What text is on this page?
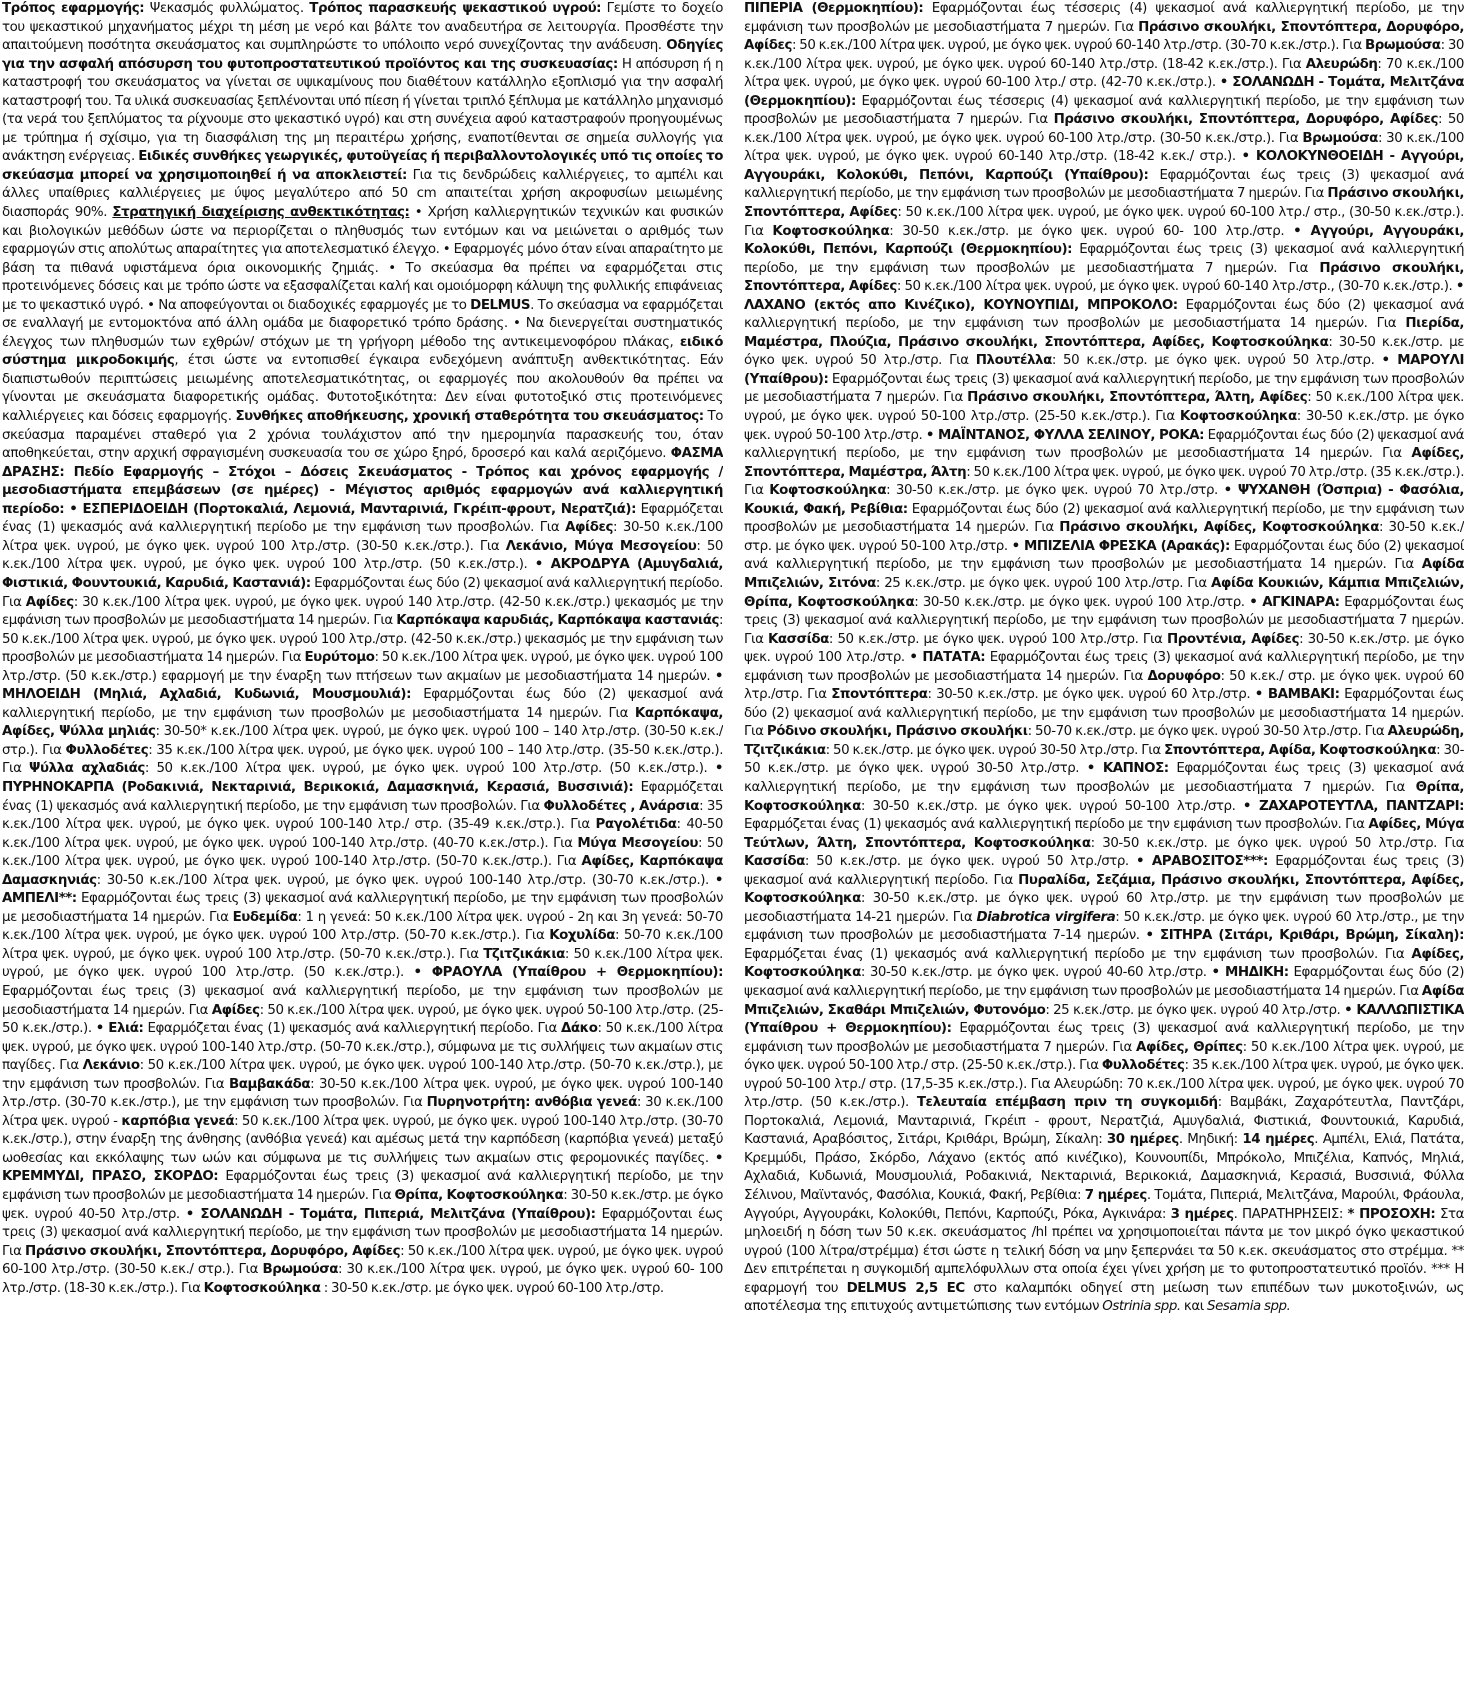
Τρόπος εφαρμογής: Ψεκασμός φυλλώματος. Τρόπος παρασκευής ψεκαστικού υγρού: Γεμίστε το δοχείο του ψεκαστικού μηχανήματος μέχρι τη μέση με νερό και βάλτε τον αναδευτήρα σε λειτουργία. Προσθέστε την απαιτούμενη ποσότητα σκευάσματος και συμπληρώστε το υπόλοιπο νερό συνεχίζοντας την ανάδευση. Οδηγίες για την ασφαλή απόσυρση του φυτοπροστατευτικού προϊόντος και της συσκευασίας: Η απόσυρση ή η καταστροφή του σκευάσματος να γίνεται σε υψικαμίνους που διαθέτουν κατάλληλο εξοπλισμό για την ασφαλή καταστροφή του. Τα υλικά συσκευασίας ξεπλένονται υπό πίεση ή γίνεται τριπλό ξέπλυμα με κατάλληλο μηχανισμό (τα νερά του ξεπλύματος τα ρίχνουμε στο ψεκαστικό υγρό) και στη συνέχεια αφού καταστραφούν προηγουμένως με τρύπημα ή σχίσιμο, για τη διασφάλιση της μη περαιτέρω χρήσης, εναποτίθενται σε σημεία συλλογής για ανάκτηση ενέργειας. Ειδικές συνθήκες γεωργικές, φυτοϋγείας ή περιβαλλοντολογικές υπό τις οποίες το σκεύασμα μπορεί να χρησιμοποιηθεί ή να αποκλειστεί: Για τις δενδρώδεις καλλιέργειες, το αμπέλι και άλλες υπαίθριες καλλιέργειες με ύψος μεγαλύτερο από 50 cm απαιτείται χρήση ακροφυσίων μειωμένης διασποράς 90%. Στρατηγική διαχείρισης ανθεκτικότητας: • Χρήση καλλιεργητικών τεχνικών και φυσικών και βιολογικών μεθόδων ώστε να περιορίζεται ο πληθυσμός των εντόμων και να μειώνεται ο αριθμός των εφαρμογών στις απολύτως απαραίτητες για αποτελεσματικό έλεγχο. • Εφαρμογές μόνο όταν είναι απαραίτητο με βάση τα πιθανά υφιστάμενα όρια οικονομικής ζημιάς. • Το σκεύασμα θα πρέπει να εφαρμόζεται στις προτεινόμενες δόσεις και με τρόπο ώστε να εξασφαλίζεται καλή και ομοιόμορφη κάλυψη της φυλλικής επιφάνειας με το ψεκαστικό υγρό. • Να αποφεύγονται οι διαδοχικές εφαρμογές με το DELMUS. Το σκεύασμα να εφαρμόζεται σε εναλλαγή με εντομοκτόνα από άλλη ομάδα με διαφορετικό τρόπο δράσης. • Να διενεργείται συστηματικός έλεγχος των πληθυσμών των εχθρών/ στόχων με τη γρήγορη μέθοδο της αντικειμενοφόρου πλάκας, ειδικό σύστημα μικροδοκιμής, έτσι ώστε να εντοπισθεί έγκαιρα ενδεχόμενη ανάπτυξη ανθεκτικότητας. Εάν διαπιστωθούν περιπτώσεις μειωμένης αποτελεσματικότητας, οι εφαρμογές που ακολουθούν θα πρέπει να γίνονται με σκευάσματα διαφορετικής ομάδας. Φυτοτοξικότητα: Δεν είναι φυτοτοξικό στις προτεινόμενες καλλιέργειες και δόσεις εφαρμογής. Συνθήκες αποθήκευσης, χρονική σταθερότητα του σκευάσματος: Το σκεύασμα παραμένει σταθερό για 2 χρόνια τουλάχιστον από την ημερομηνία παρασκευής του, όταν αποθηκεύεται, στην αρχική σφραγισμένη συσκευασία του σε χώρο ξηρό, δροσερό και καλά αεριζόμενο. ΦΑΣΜΑ ΔΡΑΣΗΣ: Πεδίο Εφαρμογής – Στόχοι – Δόσεις Σκευάσματος - Τρόπος και χρόνος εφαρμογής / μεσοδιαστήματα επεμβάσεων (σε ημέρες) - Μέγιστος αριθμός εφαρμογών ανά καλλιεργητική περίοδο: • ΕΣΠΕΡΙΔΟΕΙΔΗ (Πορτοκαλιά, Λεμονιά, Μανταρινιά, Γκρέιπ-φρουτ, Νερατζιά): Εφαρμόζεται ένας (1) ψεκασμός ανά καλλιεργητική περίοδο με την εμφάνιση των προσβολών. Για Αφίδες: 30-50 κ.εκ./100 λίτρα ψεκ. υγρού, με όγκο ψεκ. υγρού 100 λτρ./στρ. (30-50 κ.εκ./στρ.). Για Λεκάνιο, Μύγα Μεσογείου: 50 κ.εκ./100 λίτρα ψεκ. υγρού, με όγκο ψεκ. υγρού 100 λτρ./στρ. (50 κ.εκ./στρ.). • ΑΚΡΟΔΡΥΑ (Αμυγδαλιά, Φιστικιά, Φουντουκιά, Καρυδιά, Καστανιά): Εφαρμόζονται έως δύο (2) ψεκασμοί ανά καλλιεργητική περίοδο. Για Αφίδες: 30 κ.εκ./100 λίτρα ψεκ. υγρού, με όγκο ψεκ. υγρού 140 λτρ./στρ. (42-50 κ.εκ./στρ.) ψεκασμός με την εμφάνιση των προσβολών με μεσοδιαστήματα 14 ημερών. Για Καρπόκαψα καρυδιάς, Καρπόκαψα καστανιάς: 50 κ.εκ./100 λίτρα ψεκ. υγρού, με όγκο ψεκ. υγρού 100 λτρ./στρ. (42-50 κ.εκ./στρ.) ψεκασμός με την εμφάνιση των προσβολών με μεσοδιαστήματα 14 ημερών. Για Ευρύτομο: 50 κ.εκ./100 λίτρα ψεκ. υγρού, με όγκο ψεκ. υγρού 100 λτρ./στρ. (50 κ.εκ./στρ.) εφαρμογή με την έναρξη των πτήσεων των ακμαίων με μεσοδιαστήματα 14 ημερών. • ΜΗΛΟΕΙΔΗ (Μηλιά, Αχλαδιά, Κυδωνιά, Μουσμουλιά): Εφαρμόζονται έως δύο (2) ψεκασμοί ανά καλλιεργητική περίοδο, με την εμφάνιση των προσβολών με μεσοδιαστήματα 14 ημερών. Για Καρπόκαψα, Αφίδες, Ψύλλα μηλιάς: 30-50* κ.εκ./100 λίτρα ψεκ. υγρού, με όγκο ψεκ. υγρού 100 – 140 λτρ./στρ. (30-50 κ.εκ./στρ.). Για Φυλλοδέτες: 35 κ.εκ./100 λίτρα ψεκ. υγρού, με όγκο ψεκ. υγρού 100 – 140 λτρ./στρ. (35-50 κ.εκ./στρ.). Για Ψύλλα αχλαδιάς: 50 κ.εκ./100 λίτρα ψεκ. υγρού, με όγκο ψεκ. υγρού 100 λτρ./στρ. (50 κ.εκ./στρ.). • ΠΥΡΗΝΟΚΑΡΠΑ (Ροδακινιά, Νεκταρινιά, Βερικοκιά, Δαμασκηνιά, Κερασιά, Βυσσινιά): Εφαρμόζεται ένας (1) ψεκασμός ανά καλλιεργητική περίοδο, με την εμφάνιση των προσβολών. Για Φυλλοδέτες , Ανάρσια: 35 κ.εκ./100 λίτρα ψεκ. υγρού, με όγκο ψεκ. υγρού 100-140 λτρ./ στρ. (35-49 κ.εκ./στρ.). Για Ραγολέτιδα: 40-50 κ.εκ./100 λίτρα ψεκ. υγρού, με όγκο ψεκ. υγρού 100-140 λτρ./στρ. (40-70 κ.εκ./στρ.). Για Μύγα Μεσογείου: 50 κ.εκ./100 λίτρα ψεκ. υγρού, με όγκο ψεκ. υγρού 100-140 λτρ./στρ. (50-70 κ.εκ./στρ.). Για Αφίδες, Καρπόκαψα Δαμασκηνιάς: 30-50 κ.εκ./100 λίτρα ψεκ. υγρού, με όγκο ψεκ. υγρού 100-140 λτρ./στρ. (30-70 κ.εκ./στρ.). • ΑΜΠΕΛΙ**: Εφαρμόζονται έως τρεις (3) ψεκασμοί ανά καλλιεργητική περίοδο, με την εμφάνιση των προσβολών με μεσοδιαστήματα 14 ημερών. Για Ευδεμίδα: 1 η γενεά: 50 κ.εκ./100 λίτρα ψεκ. υγρού - 2η και 3η γενεά: 50-70 κ.εκ./100 λίτρα ψεκ. υγρού, με όγκο ψεκ. υγρού 100 λτρ./στρ. (50-70 κ.εκ./στρ.). Για Κοχυλίδα: 50-70 κ.εκ./100 λίτρα ψεκ. υγρού, με όγκο ψεκ. υγρού 100 λτρ./στρ. (50-70 κ.εκ./στρ.). Για Τζιτζικάκια: 50 κ.εκ./100 λίτρα ψεκ. υγρού, με όγκο ψεκ. υγρού 100 λτρ./στρ. (50 κ.εκ./στρ.). • ΦΡΑΟΥΛΑ (Υπαίθρου + Θερμοκηπίου): Εφαρμόζονται έως τρεις (3) ψεκασμοί ανά καλλιεργητική περίοδο, με την εμφάνιση των προσβολών με μεσοδιαστήματα 14 ημερών. Για Αφίδες: 50 κ.εκ./100 λίτρα ψεκ. υγρού, με όγκο ψεκ. υγρού 50-100 λτρ./στρ. (25-50 κ.εκ./στρ.). • Ελιά: Εφαρμόζεται ένας (1) ψεκασμός ανά καλλιεργητική περίοδο. Για Δάκο: 50 κ.εκ./100 λίτρα ψεκ. υγρού, με όγκο ψεκ. υγρού 100-140 λτρ./στρ. (50-70 κ.εκ./στρ.), σύμφωνα με τις συλλήψεις των ακμαίων στις παγίδες. Για Λεκάνιο: 50 κ.εκ./100 λίτρα ψεκ. υγρού, με όγκο ψεκ. υγρού 100-140 λτρ./στρ. (50-70 κ.εκ./στρ.), με την εμφάνιση των προσβολών. Για Βαμβακάδα: 30-50 κ.εκ./100 λίτρα ψεκ. υγρού, με όγκο ψεκ. υγρού 100-140 λτρ./στρ. (30-70 κ.εκ./στρ.), με την εμφάνιση των προσβολών. Για Πυρηνοτρήτη: ανθόβια γενεά: 30 κ.εκ./100 λίτρα ψεκ. υγρού - καρπόβια γενεά: 50 κ.εκ./100 λίτρα ψεκ. υγρού, με όγκο ψεκ. υγρού 100-140 λτρ./στρ. (30-70 κ.εκ./στρ.), στην έναρξη της άνθησης (ανθόβια γενεά) και αμέσως μετά την καρπόδεση (καρπόβια γενεά) μεταξύ ωοθεσίας και εκκόλαψης των ωών και σύμφωνα με τις συλλήψεις των ακμαίων στις φερομονικές παγίδες. • ΚΡΕΜΜΥΔΙ, ΠΡΑΣΟ, ΣΚΟΡΔΟ: Εφαρμόζονται έως τρεις (3) ψεκασμοί ανά καλλιεργητική περίοδο, με την εμφάνιση των προσβολών με μεσοδιαστήματα 14 ημερών. Για Θρίπα, Κοφτοσκούληκα: 30-50 κ.εκ./στρ. με όγκο ψεκ. υγρού 40-50 λτρ./στρ. • ΣΟΛΑΝΩΔΗ - Τομάτα, Πιπεριά, Μελιτζάνα (Υπαίθρου): Εφαρμόζονται έως τρεις (3) ψεκασμοί ανά καλλιεργητική περίοδο, με την εμφάνιση των προσβολών με μεσοδιαστήματα 14 ημερών. Για Πράσινο σκουλήκι, Σποντόπτερα, Δορυφόρο, Αφίδες: 50 κ.εκ./100 λίτρα ψεκ. υγρού, με όγκο ψεκ. υγρού 60-100 λτρ./στρ. (30-50 κ.εκ./ στρ.). Για Βρωμούσα: 30 κ.εκ./100 λίτρα ψεκ. υγρού, με όγκο ψεκ. υγρού 60- 100 λτρ./στρ. (18-30 κ.εκ./στρ.). Για Κοφτοσκούληκα : 30-50 κ.εκ./στρ. με όγκο ψεκ. υγρού 60-100 λτρ./στρ.

ΠΙΠΕΡΙΑ (Θερμοκηπίου): Εφαρμόζονται έως τέσσερις (4) ψεκασμοί ανά καλλιεργητική περίοδο, με την εμφάνιση των προσβολών με μεσοδιαστήματα 7 ημερών. Για Πράσινο σκουλήκι, Σποντόπτερα, Δορυφόρο, Αφίδες: 50 κ.εκ./100 λίτρα ψεκ. υγρού, με όγκο ψεκ. υγρού 60-140 λτρ./στρ. (30-70 κ.εκ./στρ.). Για Βρωμούσα: 30 κ.εκ./100 λίτρα ψεκ. υγρού, με όγκο ψεκ. υγρού 60-140 λτρ./στρ. (18-42 κ.εκ./στρ.). Για Αλευρώδη: 70 κ.εκ./100 λίτρα ψεκ. υγρού, με όγκο ψεκ. υγρού 60-100 λτρ./ στρ. (42-70 κ.εκ./στρ.). • ΣΟΛΑΝΩΔΗ - Τομάτα, Μελιτζάνα (Θερμοκηπίου): Εφαρμόζονται έως τέσσερις (4) ψεκασμοί ανά καλλιεργητική περίοδο, με την εμφάνιση των προσβολών με μεσοδιαστήματα 7 ημερών. Για Πράσινο σκουλήκι, Σποντόπτερα, Δορυφόρο, Αφίδες: 50 κ.εκ./100 λίτρα ψεκ. υγρού, με όγκο ψεκ. υγρού 60-100 λτρ./στρ. (30-50 κ.εκ./στρ.). Για Βρωμούσα: 30 κ.εκ./100 λίτρα ψεκ. υγρού, με όγκο ψεκ. υγρού 60-140 λτρ./στρ. (18-42 κ.εκ./ στρ.). • ΚΟΛΟΚΥΝΘΟΕΙΔΗ - Αγγούρι, Αγγουράκι, Κολοκύθι, Πεπόνι, Καρπούζι (Υπαίθρου): Εφαρμόζονται έως τρεις (3) ψεκασμοί ανά καλλιεργητική περίοδο, με την εμφάνιση των προσβολών με μεσοδιαστήματα 7 ημερών. Για Πράσινο σκουλήκι, Σποντόπτερα, Αφίδες: 50 κ.εκ./100 λίτρα ψεκ. υγρού, με όγκο ψεκ. υγρού 60-100 λτρ./ στρ., (30-50 κ.εκ./στρ.). Για Κοφτοσκούληκα: 30-50 κ.εκ./στρ. με όγκο ψεκ. υγρού 60- 100 λτρ./στρ. • Αγγούρι, Αγγουράκι, Κολοκύθι, Πεπόνι, Καρπούζι (Θερμοκηπίου): Εφαρμόζονται έως τρεις (3) ψεκασμοί ανά καλλιεργητική περίοδο, με την εμφάνιση των προσβολών με μεσοδιαστήματα 7 ημερών. Για Πράσινο σκουλήκι, Σποντόπτερα, Αφίδες: 50 κ.εκ./100 λίτρα ψεκ. υγρού, με όγκο ψεκ. υγρού 60-140 λτρ./στρ., (30-70 κ.εκ./στρ.). • ΛΑΧΑΝΟ (εκτός απο Κινέζικο), ΚΟΥΝΟΥΠΙΔΙ, ΜΠΡΟΚΟΛΟ: Εφαρμόζονται έως δύο (2) ψεκασμοί ανά καλλιεργητική περίοδο, με την εμφάνιση των προσβολών με μεσοδιαστήματα 14 ημερών. Για Πιερίδα, Μαμέστρα, Πλούζια, Πράσινο σκουλήκι, Σποντόπτερα, Αφίδες, Κοφτοσκούληκα: 30-50 κ.εκ./στρ. με όγκο ψεκ. υγρού 50 λτρ./στρ. Για Πλουτέλλα: 50 κ.εκ./στρ. με όγκο ψεκ. υγρού 50 λτρ./στρ. • ΜΑΡΟΥΛΙ (Υπαίθρου): Εφαρμόζονται έως τρεις (3) ψεκασμοί ανά καλλιεργητική περίοδο, με την εμφάνιση των προσβολών με μεσοδιαστήματα 7 ημερών. Για Πράσινο σκουλήκι, Σποντόπτερα, Άλτη, Αφίδες: 50 κ.εκ./100 λίτρα ψεκ. υγρού, με όγκο ψεκ. υγρού 50-100 λτρ./στρ. (25-50 κ.εκ./στρ.). Για Κοφτοσκούληκα: 30-50 κ.εκ./στρ. με όγκο ψεκ. υγρού 50-100 λτρ./στρ. • ΜΑΪΝΤΑΝΟΣ, ΦΥΛΛΑ ΣΕΛΙΝΟΥ, ΡΟΚΑ: Εφαρμόζονται έως δύο (2) ψεκασμοί ανά καλλιεργητική περίοδο, με την εμφάνιση των προσβολών με μεσοδιαστήματα 14 ημερών. Για Αφίδες, Σποντόπτερα, Μαμέστρα, Άλτη: 50 κ.εκ./100 λίτρα ψεκ. υγρού, με όγκο ψεκ. υγρού 70 λτρ./στρ. (35 κ.εκ./στρ.). Για Κοφτοσκούληκα: 30-50 κ.εκ./στρ. με όγκο ψεκ. υγρού 70 λτρ./στρ. • ΨΥΧΑΝΘΗ (Όσπρια) - Φασόλια, Κουκιά, Φακή, Ρεβίθια: Εφαρμόζονται έως δύο (2) ψεκασμοί ανά καλλιεργητική περίοδο, με την εμφάνιση των προσβολών με μεσοδιαστήματα 14 ημερών. Για Πράσινο σκουλήκι, Αφίδες, Κοφτοσκούληκα: 30-50 κ.εκ./στρ. με όγκο ψεκ. υγρού 50-100 λτρ./στρ. • ΜΠΙΖΕΛΙΑ ΦΡΕΣΚΑ (Αρακάς): Εφαρμόζονται έως δύο (2) ψεκασμοί ανά καλλιεργητική περίοδο, με την εμφάνιση των προσβολών με μεσοδιαστήματα 14 ημερών. Για Αφίδα Μπιζελιών, Σιτόνα: 25 κ.εκ./στρ. με όγκο ψεκ. υγρού 100 λτρ./στρ. Για Αφίδα Κουκιών, Κάμπια Μπιζελιών, Θρίπα, Κοφτοσκούληκα: 30-50 κ.εκ./στρ. με όγκο ψεκ. υγρού 100 λτρ./στρ. • ΑΓΚΙΝΑΡΑ: Εφαρμόζονται έως τρεις (3) ψεκασμοί ανά καλλιεργητική περίοδο, με την εμφάνιση των προσβολών με μεσοδιαστήματα 7 ημερών. Για Κασσίδα: 50 κ.εκ./στρ. με όγκο ψεκ. υγρού 100 λτρ./στρ. Για Προντένια, Αφίδες: 30-50 κ.εκ./στρ. με όγκο ψεκ. υγρού 100 λτρ./στρ. • ΠΑΤΑΤΑ: Εφαρμόζονται έως τρεις (3) ψεκασμοί ανά καλλιεργητική περίοδο, με την εμφάνιση των προσβολών με μεσοδιαστήματα 14 ημερών. Για Δορυφόρο: 50 κ.εκ./ στρ. με όγκο ψεκ. υγρού 60 λτρ./στρ. Για Σποντόπτερα: 30-50 κ.εκ./στρ. με όγκο ψεκ. υγρού 60 λτρ./στρ. • ΒΑΜΒΑΚΙ: Εφαρμόζονται έως δύο (2) ψεκασμοί ανά καλλιεργητική περίοδο, με την εμφάνιση των προσβολών με μεσοδιαστήματα 14 ημερών. Για Ρόδινο σκουλήκι, Πράσινο σκουλήκι: 50-70 κ.εκ./στρ. με όγκο ψεκ. υγρού 30-50 λτρ./στρ. Για Αλευρώδη, Τζιτζικάκια: 50 κ.εκ./στρ. με όγκο ψεκ. υγρού 30-50 λτρ./στρ. Για Σποντόπτερα, Αφίδα, Κοφτοσκούληκα: 30-50 κ.εκ./στρ. με όγκο ψεκ. υγρού 30-50 λτρ./στρ. • ΚΑΠΝΟΣ: Εφαρμόζονται έως τρεις (3) ψεκασμοί ανά καλλιεργητική περίοδο, με την εμφάνιση των προσβολών με μεσοδιαστήματα 7 ημερών. Για Θρίπα, Κοφτοσκούληκα: 30-50 κ.εκ./στρ. με όγκο ψεκ. υγρού 50-100 λτρ./στρ. • ΖΑΧΑΡΟΤΕΥΤΛΑ, ΠΑΝΤΖΑΡΙ: Εφαρμόζεται ένας (1) ψεκασμός ανά καλλιεργητική περίοδο με την εμφάνιση των προσβολών. Για Αφίδες, Μύγα Τεύτλων, Άλτη, Σποντόπτερα, Κοφτοσκούληκα: 30-50 κ.εκ./στρ. με όγκο ψεκ. υγρού 50 λτρ./στρ. Για Κασσίδα: 50 κ.εκ./στρ. με όγκο ψεκ. υγρού 50 λτρ./στρ. • ΑΡΑΒΟΣΙΤΟΣ***: Εφαρμόζονται έως τρεις (3) ψεκασμοί ανά καλλιεργητική περίοδο. Για Πυραλίδα, Σεζάμια, Πράσινο σκουλήκι, Σποντόπτερα, Αφίδες, Κοφτοσκούληκα: 30-50 κ.εκ./στρ. με όγκο ψεκ. υγρού 60 λτρ./στρ. με την εμφάνιση των προσβολών με μεσοδιαστήματα 14-21 ημερών. Για Diabrotica virgifera: 50 κ.εκ./στρ. με όγκο ψεκ. υγρού 60 λτρ./στρ., με την εμφάνιση των προσβολών με μεσοδιαστήματα 7-14 ημερών. • ΣΙΤΗΡΑ (Σιτάρι, Κριθάρι, Βρώμη, Σίκαλη): Εφαρμόζεται ένας (1) ψεκασμός ανά καλλιεργητική περίοδο με την εμφάνιση των προσβολών. Για Αφίδες, Κοφτοσκούληκα: 30-50 κ.εκ./στρ. με όγκο ψεκ. υγρού 40-60 λτρ./στρ. • ΜΗΔΙΚΗ: Εφαρμόζονται έως δύο (2) ψεκασμοί ανά καλλιεργητική περίοδο, με την εμφάνιση των προσβολών με μεσοδιαστήματα 14 ημερών. Για Αφίδα Μπιζελιών, Σκαθάρι Μπιζελιών, Φυτονόμο: 25 κ.εκ./στρ. με όγκο ψεκ. υγρού 40 λτρ./στρ. • ΚΑΛΛΩΠΙΣΤΙΚΑ (Υπαίθρου + Θερμοκηπίου): Εφαρμόζονται έως τρεις (3) ψεκασμοί ανά καλλιεργητική περίοδο, με την εμφάνιση των προσβολών με μεσοδιαστήματα 7 ημερών. Για Αφίδες, Θρίπες: 50 κ.εκ./100 λίτρα ψεκ. υγρού, με όγκο ψεκ. υγρού 50-100 λτρ./ στρ. (25-50 κ.εκ./στρ.). Για Φυλλοδέτες: 35 κ.εκ./100 λίτρα ψεκ. υγρού, με όγκο ψεκ. υγρού 50-100 λτρ./ στρ. (17,5-35 κ.εκ./στρ.). Για Αλευρώδη: 70 κ.εκ./100 λίτρα ψεκ. υγρού, με όγκο ψεκ. υγρού 70 λτρ./στρ. (50 κ.εκ./στρ.). Τελευταία επέμβαση πριν τη συγκομιδή: Βαμβάκι, Ζαχαρότευτλα, Παντζάρι, Πορτοκαλιά, Λεμονιά, Μανταρινιά, Γκρέιπ - φρουτ, Νερατζιά, Αμυγδαλιά, Φιστικιά, Φουντουκιά, Καρυδιά, Καστανιά, Αραβόσιτος, Σιτάρι, Κριθάρι, Βρώμη, Σίκαλη: 30 ημέρες. Μηδική: 14 ημέρες. Αμπέλι, Ελιά, Πατάτα, Κρεμμύδι, Πράσο, Σκόρδο, Λάχανο (εκτός από κινέζικο), Κουνουπίδι, Μπρόκολο, Μπιζέλια, Καπνός, Μηλιά, Αχλαδιά, Κυδωνιά, Μουσμουλιά, Ροδακινιά, Νεκταρινιά, Βερικοκιά, Δαμασκηνιά, Κερασιά, Βυσσινιά, Φύλλα Σέλινου, Μαϊντανός, Φασόλια, Κουκιά, Φακή, Ρεβίθια: 7 ημέρες. Τομάτα, Πιπεριά, Μελιτζάνα, Μαρούλι, Φράουλα, Αγγούρι, Αγγουράκι, Κολοκύθι, Πεπόνι, Καρπούζι, Ρόκα, Αγκινάρα: 3 ημέρες. ΠΑΡΑΤΗΡΗΣΕΙΣ: * ΠΡΟΣΟΧΗ: Στα μηλοειδή η δόση των 50 κ.εκ. σκευάσματος /hl πρέπει να χρησιμοποιείται πάντα με τον μικρό όγκο ψεκαστικού υγρού (100 λίτρα/στρέμμα) έτσι ώστε η τελική δόση να μην ξεπερνάει τα 50 κ.εκ. σκευάσματος στο στρέμμα. ** Δεν επιτρέπεται η συγκομιδή αμπελόφυλλων στα οποία έχει γίνει χρήση με το φυτοπροστατευτικό προϊόν. *** Η εφαρμογή του DELMUS 2,5 EC στο καλαμπόκι οδηγεί στη μείωση των επιπέδων των μυκοτοξινών, ως αποτέλεσμα της επιτυχούς αντιμετώπισης των εντόμων Ostrinia spp. και Sesamia spp.
